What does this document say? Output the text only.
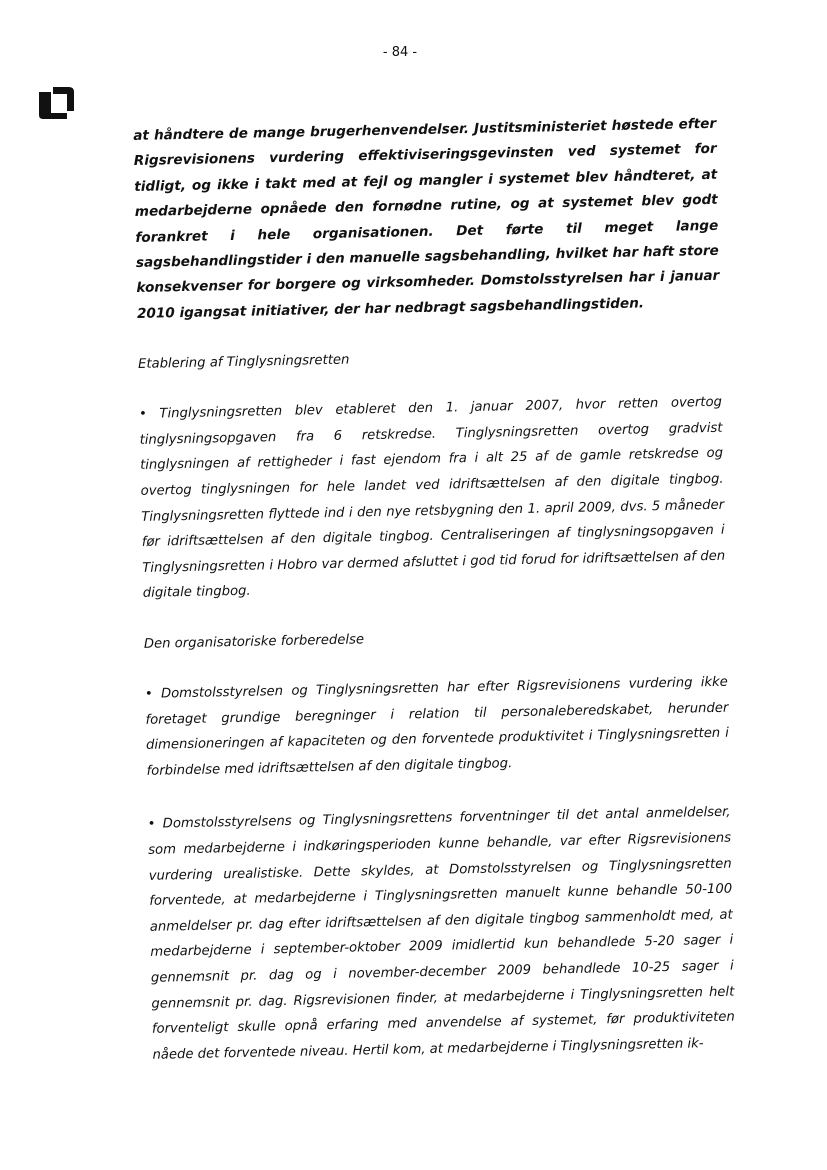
- 84 -

at håndtere de mange brugerhenvendelser. Justitsministeriet høstede efter Rigsrevisionens vurdering effektiviseringsgevinsten ved systemet for tidligt, og ikke i takt med at fejl og mangler i systemet blev håndteret, at medarbejderne opnåede den fornødne rutine, og at systemet blev godt forankret i hele organisationen. Det førte til meget lange sagsbehandlingstider i den manuelle sagsbehandling, hvilket har haft store konsekvenser for borgere og virksomheder. Domstolsstyrelsen har i januar 2010 igangsat initiativer, der har nedbragt sagsbehandlingstiden.

Etablering af Tinglysningsretten

• Tinglysningsretten blev etableret den 1. januar 2007, hvor retten overtog tinglysningsopgaven fra 6 retskredse. Tinglysningsretten overtog gradvist tinglysningen af rettigheder i fast ejendom fra i alt 25 af de gamle retskredse og overtog tinglysningen for hele landet ved idriftsættelsen af den digitale tingbog. Tinglysningsretten flyttede ind i den nye retsbygning den 1. april 2009, dvs. 5 måneder før idriftsættelsen af den digitale tingbog. Centraliseringen af tinglysningsopgaven i Tinglysningsretten i Hobro var dermed afsluttet i god tid forud for idriftsættelsen af den digitale tingbog.

Den organisatoriske forberedelse

• Domstolsstyrelsen og Tinglysningsretten har efter Rigsrevisionens vurdering ikke foretaget grundige beregninger i relation til personaleberedskabet, herunder dimensioneringen af kapaciteten og den forventede produktivitet i Tinglysningsretten i forbindelse med idriftsættelsen af den digitale tingbog.

• Domstolsstyrelsens og Tinglysningsrettens forventninger til det antal anmeldelser, som medarbejderne i indkøringsperioden kunne behandle, var efter Rigsrevisionens vurdering urealistiske. Dette skyldes, at Domstolsstyrelsen og Tinglysningsretten forventede, at medarbejderne i Tinglysningsretten manuelt kunne behandle 50-100 anmeldelser pr. dag efter idriftsættelsen af den digitale tingbog sammenholdt med, at medarbejderne i september-oktober 2009 imidlertid kun behandlede 5-20 sager i gennemsnit pr. dag og i november-december 2009 behandlede 10-25 sager i gennemsnit pr. dag. Rigsrevisionen finder, at medarbejderne i Tinglysningsretten helt forventeligt skulle opnå erfaring med anvendelse af systemet, før produktiviteten nåede det forventede niveau. Hertil kom, at medarbejderne i Tinglysningsretten ik-
